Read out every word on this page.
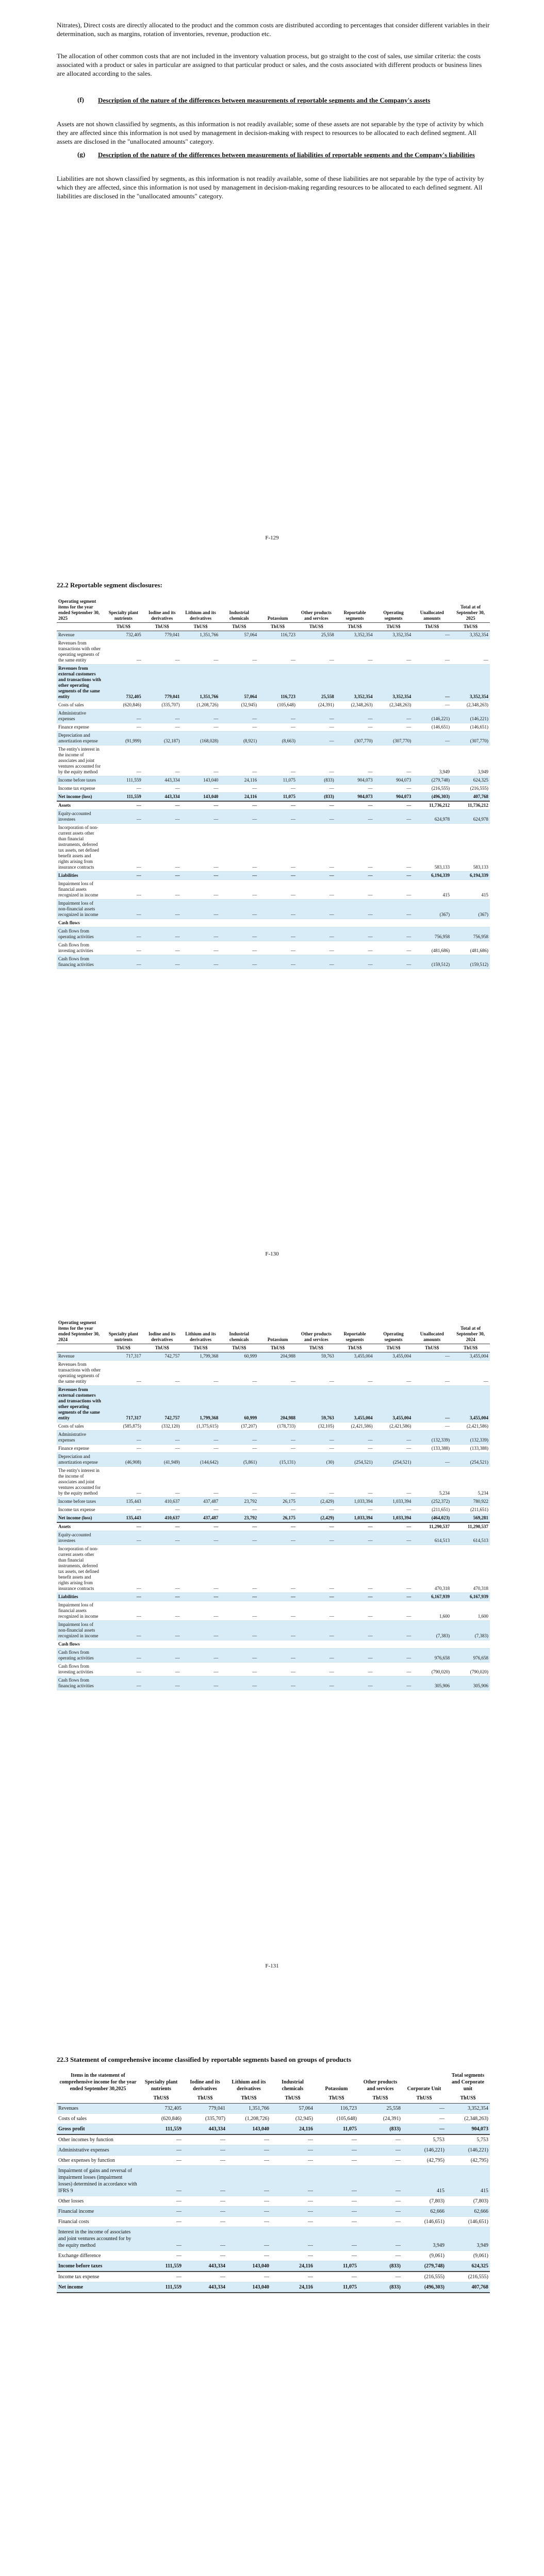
Nitrates), Direct costs are directly allocated to the product and the common costs are distributed according to percentages that consider different variables in their determination, such as margins, rotation of inventories, revenue, production etc.

The allocation of other common costs that are not included in the inventory valuation process, but go straight to the cost of sales, use similar criteria: the costs associated with a product or sales in particular are assigned to that particular product or sales, and the costs associated with different products or business lines are allocated according to the sales.

(f) Description of the nature of the differences between measurements of reportable segments and the Company's assets

Assets are not shown classified by segments, as this information is not readily available; some of these assets are not separable by the type of activity by which they are affected since this information is not used by management in decision-making with respect to resources to be allocated to each defined segment. All assets are disclosed in the "unallocated amounts" category.

(g) Description of the nature of the differences between measurements of liabilities of reportable segments and the Company's liabilities

Liabilities are not shown classified by segments, as this information is not readily available, some of these liabilities are not separable by the type of activity by which they are affected, since this information is not used by management in decision-making regarding resources to be allocated to each defined segment. All liabilities are disclosed in the "unallocated amounts" category.

F-129
22.2 Reportable segment disclosures:
Operating segment items for the year ended September 30, 2025	Specialty plant nutrients	Iodine and its derivatives	Lithium and its derivatives	Industrial chemicals	Potassium	Other products and services	Reportable segments	Operating segments	Unallocated amounts	Total at of September 30, 2025
	ThUS$	ThUS$	ThUS$	ThUS$	ThUS$	ThUS$	ThUS$	ThUS$	ThUS$	ThUS$
Revenue	732,405	779,041	1,351,766	57,064	116,723	25,558	3,352,354	3,352,354	—	3,352,354
Revenues from transactions with other operating segments of the same entity	—	—	—	—	—	—	—	—	—	—
Revenues from external customers and transactions with other operating segments of the same entity	732,405	779,041	1,351,766	57,064	116,723	25,558	3,352,354	3,352,354	—	3,352,354
Costs of sales	(620,846)	(335,707)	(1,208,726)	(32,945)	(105,648)	(24,391)	(2,348,263)	(2,348,263)	—	(2,348,263)
Administrative expenses	—	—	—	—	—	—	—	—	(146,221)	(146,221)
Finance expense	—	—	—	—	—	—	—	—	(146,651)	(146,651)
Depreciation and amortization expense	(91,999)	(32,187)	(168,028)	(8,921)	(8,663)	—	(307,770)	(307,770)	—	(307,770)
The entity's interest in the income of associates and joint ventures accounted for by the equity method	—	—	—	—	—	—	—	—	3,949	3,949
Income before taxes	111,559	443,334	143,040	24,116	11,075	(833)	904,073	904,073	(279,748)	624,325
Income tax expense	—	—	—	—	—	—	—	—	(216,555)	(216,555)
Net income (loss)	111,559	443,334	143,040	24,116	11,075	(833)	904,073	904,073	(496,303)	407,768
Assets	—	—	—	—	—	—	—	—	11,736,212	11,736,212
Equity-accounted investees	—	—	—	—	—	—	—	—	624,978	624,978
Incorporation of non-current assets other than financial instruments, deferred tax assets, net defined benefit assets and rights arising from insurance contracts	—	—	—	—	—	—	—	—	583,133	583,133
Liabilities	—	—	—	—	—	—	—	—	6,194,339	6,194,339
Impairment loss of financial assets recognized in income	—	—	—	—	—	—	—	—	415	415
Impairment loss of non-financial assets recognized in income	—	—	—	—	—	—	—	—	(367)	(367)
Cash flows										
Cash flows from operating activities	—	—	—	—	—	—	—	—	756,958	756,958
Cash flows from investing activities	—	—	—	—	—	—	—	—	(481,686)	(481,686)
Cash flows from financing activities	—	—	—	—	—	—	—	—	(159,512)	(159,512)
F-130
Operating segment items for the year ended September 30, 2024	Specialty plant nutrients	Iodine and its derivatives	Lithium and its derivatives	Industrial chemicals	Potassium	Other products and services	Reportable segments	Operating segments	Unallocated amounts	Total at of September 30, 2024
	ThUS$	ThUS$	ThUS$	ThUS$	ThUS$	ThUS$	ThUS$	ThUS$	ThUS$	ThUS$
Revenue	717,317	742,757	1,799,368	60,999	204,988	59,763	3,455,004	3,455,004	—	3,455,004
Revenues from transactions with other operating segments of the same entity	—	—	—	—	—	—	—	—	—	—
Revenues from external customers and transactions with other operating segments of the same entity	717,317	742,757	1,799,368	60,999	204,988	59,763	3,455,004	3,455,004	—	3,455,004
Costs of sales	(585,875)	(332,120)	(1,375,615)	(37,207)	(178,733)	(32,105)	(2,421,586)	(2,421,586)	—	(2,421,586)
Administrative expenses	—	—	—	—	—	—	—	—	(132,339)	(132,339)
Finance expense	—	—	—	—	—	—	—	—	(133,388)	(133,388)
Depreciation and amortization expense	(46,908)	(41,949)	(144,642)	(5,861)	(15,131)	(30)	(254,521)	(254,521)	—	(254,521)
The entity's interest in the income of associates and joint ventures accounted for by the equity method	—	—	—	—	—	—	—	—	5,234	5,234
Income before taxes	135,443	410,637	437,487	23,792	26,175	(2,429)	1,033,394	1,033,394	(252,372)	780,922
Income tax expense	—	—	—	—	—	—	—	—	(211,651)	(211,651)
Net income (loss)	135,443	410,637	437,487	23,792	26,175	(2,429)	1,033,394	1,033,394	(464,023)	569,281
Assets	—	—	—	—	—	—	—	—	11,290,537	11,290,537
Equity-accounted investees	—	—	—	—	—	—	—	—	614,513	614,513
Incorporation of non-current assets other than financial instruments, deferred tax assets, net defined benefit assets and rights arising from insurance contracts	—	—	—	—	—	—	—	—	470,318	470,318
Liabilities	—	—	—	—	—	—	—	—	6,167,939	6,167,939
Impairment loss of financial assets recognized in income	—	—	—	—	—	—	—	—	1,600	1,600
Impairment loss of non-financial assets recognized in income	—	—	—	—	—	—	—	—	(7,383)	(7,383)
Cash flows										
Cash flows from operating activities	—	—	—	—	—	—	—	—	976,658	976,658
Cash flows from investing activities	—	—	—	—	—	—	—	—	(790,020)	(790,020)
Cash flows from financing activities	—	—	—	—	—	—	—	—	305,906	305,906
F-131
22.3 Statement of comprehensive income classified by reportable segments based on groups of products
Items in the statement of comprehensive income for the year ended September 30,2025	Specialty plant nutrients	Iodine and its derivatives	Lithium and its derivatives	Industrial chemicals	Potassium	Other products and services	Corporate Unit	Total segments and Corporate unit
	ThUS$	ThUS$	ThUS$	ThUS$	ThUS$	ThUS$	ThUS$	ThUS$
Revenues	732,405	779,041	1,351,766	57,064	116,723	25,558	—	3,352,354
Costs of sales	(620,846)	(335,707)	(1,208,726)	(32,945)	(105,648)	(24,391)	—	(2,348,263)
Gross profit	111,559	443,334	143,040	24,116	11,075	(833)	—	904,073
Other incomes by function	—	—	—	—	—	—	5,753	5,753
Administrative expenses	—	—	—	—	—	—	(146,221)	(146,221)
Other expenses by function	—	—	—	—	—	—	(42,795)	(42,795)
Impairment of gains and reversal of impairment losses (impairment losses) determined in accordance with IFRS 9	—	—	—	—	—	—	415	415
Other losses	—	—	—	—	—	—	(7,803)	(7,803)
Financial income	—	—	—	—	—	—	62,666	62,666
Financial costs	—	—	—	—	—	—	(146,651)	(146,651)
Interest in the income of associates and joint ventures accounted for by the equity method	—	—	—	—	—	—	3,949	3,949
Exchange difference	—	—	—	—	—	—	(9,061)	(9,061)
Income before taxes	111,559	443,334	143,040	24,116	11,075	(833)	(279,748)	624,325
Income tax expense	—	—	—	—	—	—	(216,555)	(216,555)
Net income	111,559	443,334	143,040	24,116	11,075	(833)	(496,303)	407,768
